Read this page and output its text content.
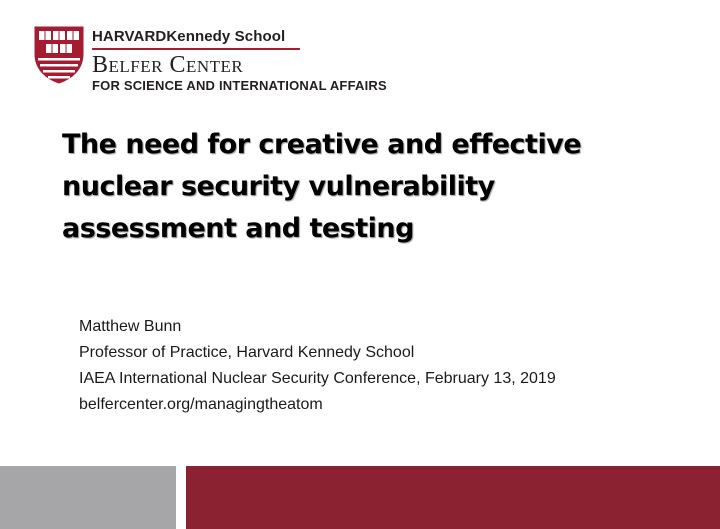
HARVARDKennedy School
Belfer Center
FOR SCIENCE AND INTERNATIONAL AFFAIRS
The need for creative and effective
nuclear security vulnerability
assessment and testing
Matthew Bunn
Professor of Practice, Harvard Kennedy School
IAEA International Nuclear Security Conference, February 13, 2019
belfercenter.org/managingtheatom
